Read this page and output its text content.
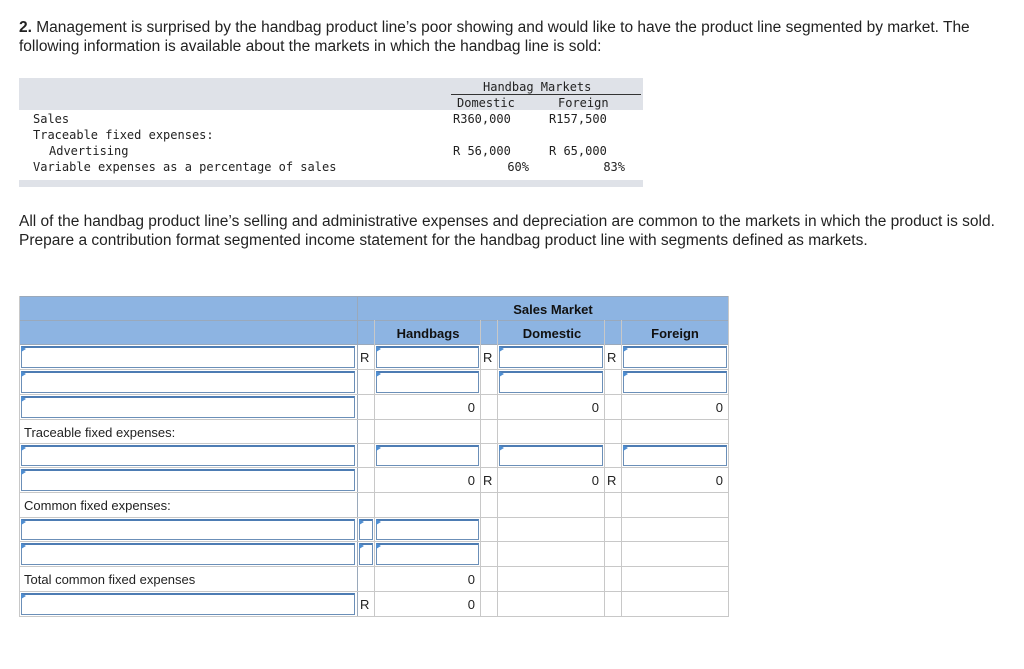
2. Management is surprised by the handbag product line’s poor showing and would like to have the product line segmented by market. The following information is available about the markets in which the handbag line is sold:
Handbag Markets
Domestic	Foreign
Sales	R360,000	R157,500
Traceable fixed expenses:
Advertising	R 56,000	R 65,000
Variable expenses as a percentage of sales	60%	83%
All of the handbag product line’s selling and administrative expenses and depreciation are common to the markets in which the product is sold. Prepare a contribution format segmented income statement for the handbag product line with segments defined as markets.
Sales Market
Handbags	Domestic	Foreign
R	R	R
0	0	0
Traceable fixed expenses:
0 R	0 R	0
Common fixed expenses:
Total common fixed expenses	0
R	0
